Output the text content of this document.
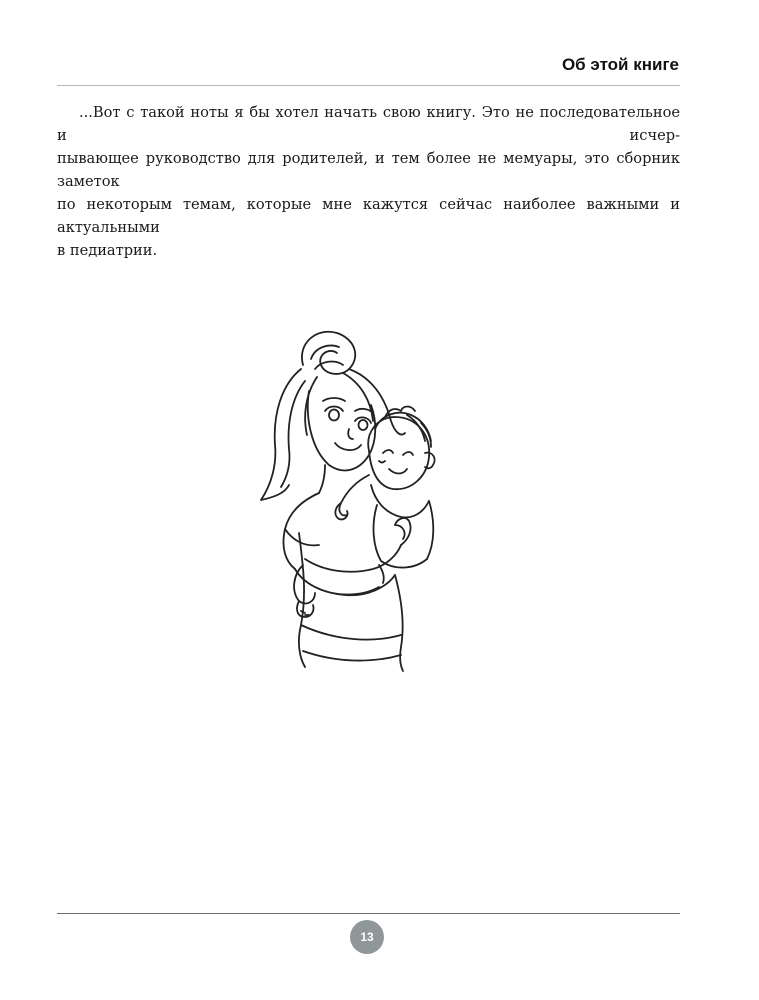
Об этой книге
...Вот с такой ноты я бы хотел начать свою книгу. Это не последовательное и исчер-
пывающее руководство для родителей, и тем более не мемуары, это сборник заметок
по некоторым темам, которые мне кажутся сейчас наиболее важными и актуальными
в педиатрии.
13
